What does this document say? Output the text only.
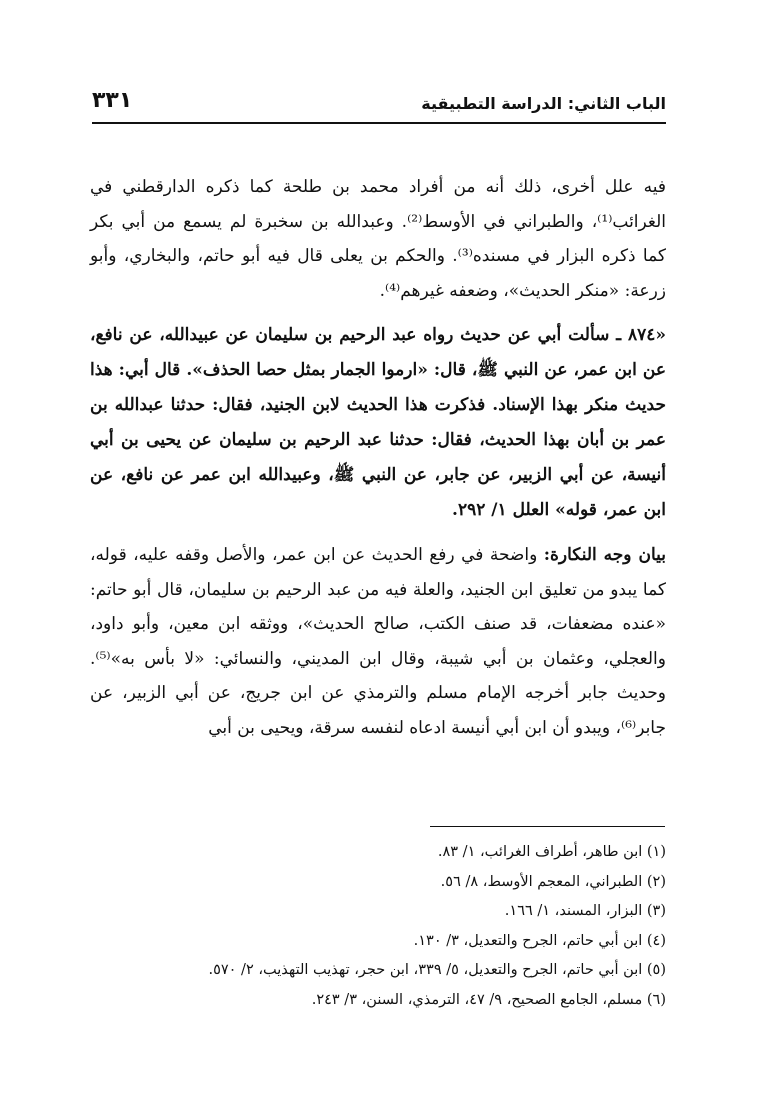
الباب الثاني: الدراسة التطبيقية
٣٣١

فيه علل أخرى، ذلك أنه من أفراد محمد بن طلحة كما ذكره الدارقطني في الغرائب⁽¹⁾، والطبراني في الأوسط⁽²⁾. وعبدالله بن سخبرة لم يسمع من أبي بكر كما ذكره البزار في مسنده⁽³⁾. والحكم بن يعلى قال فيه أبو حاتم، والبخاري، وأبو زرعة: «منكر الحديث»، وضعفه غيرهم⁽⁴⁾.

«٨٧٤ ـ سألت أبي عن حديث رواه عبد الرحيم بن سليمان عن عبيدالله، عن نافع، عن ابن عمر، عن النبي ﷺ، قال: «ارموا الجمار بمثل حصا الحذف». قال أبي: هذا حديث منكر بهذا الإسناد. فذكرت هذا الحديث لابن الجنيد، فقال: حدثنا عبدالله بن عمر بن أبان بهذا الحديث، فقال: حدثنا عبد الرحيم بن سليمان عن يحيى بن أبي أنيسة، عن أبي الزبير، عن جابر، عن النبي ﷺ، وعبيدالله ابن عمر عن نافع، عن ابن عمر، قوله» العلل ١/ ٢٩٢.

بيان وجه النكارة: واضحة في رفع الحديث عن ابن عمر، والأصل وقفه عليه، قوله، كما يبدو من تعليق ابن الجنيد، والعلة فيه من عبد الرحيم بن سليمان، قال أبو حاتم: «عنده مضعفات، قد صنف الكتب، صالح الحديث»، ووثقه ابن معين، وأبو داود، والعجلي، وعثمان بن أبي شيبة، وقال ابن المديني، والنسائي: «لا بأس به»⁽⁵⁾. وحديث جابر أخرجه الإمام مسلم والترمذي عن ابن جريج، عن أبي الزبير، عن جابر⁽⁶⁾، ويبدو أن ابن أبي أنيسة ادعاه لنفسه سرقة، ويحيى بن أبي

(١) ابن طاهر، أطراف الغرائب، ١/ ٨٣.

(٢) الطبراني، المعجم الأوسط، ٨/ ٥٦.

(٣) البزار، المسند، ١/ ١٦٦.

(٤) ابن أبي حاتم، الجرح والتعديل، ٣/ ١٣٠.

(٥) ابن أبي حاتم، الجرح والتعديل، ٥/ ٣٣٩، ابن حجر، تهذيب التهذيب، ٢/ ٥٧٠.

(٦) مسلم، الجامع الصحيح، ٩/ ٤٧، الترمذي، السنن، ٣/ ٢٤٣.
